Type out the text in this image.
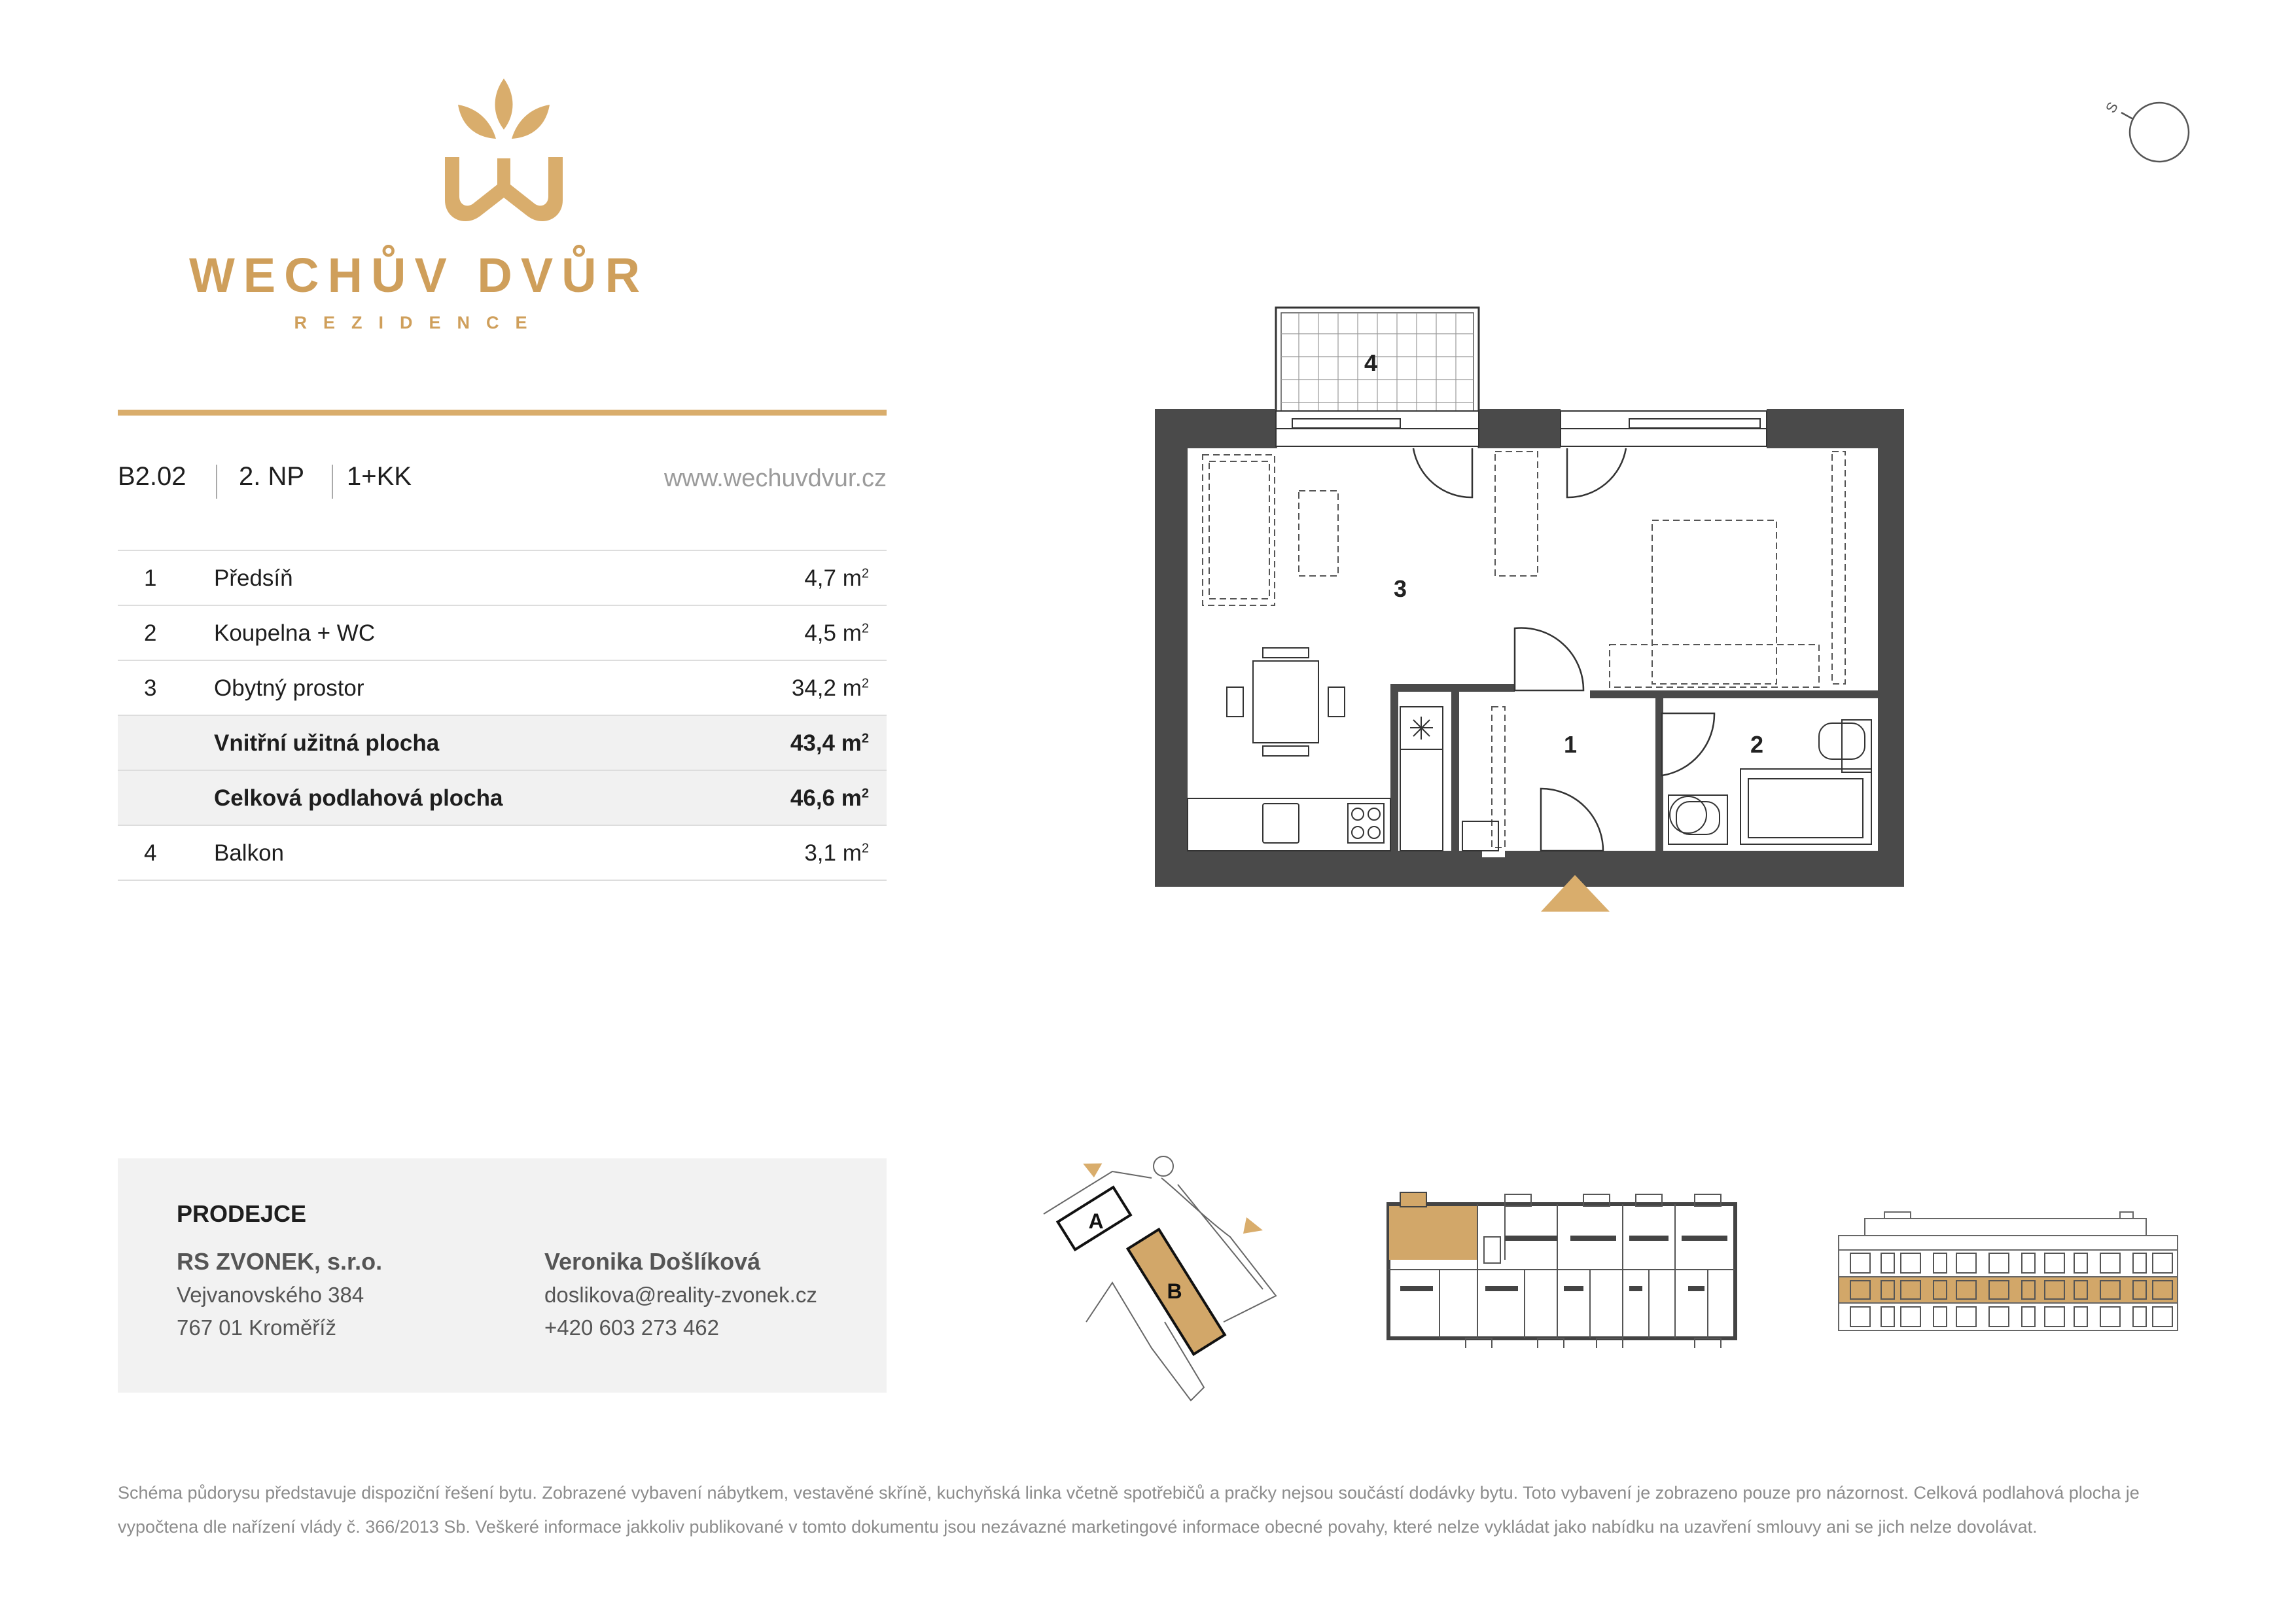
WECHŮV DVŮR
REZIDENCE
B2.02 2. NP 1+KK	www.wechuvdvur.cz
1	Předsíň	4,7 $m^2$
2	Koupelna + WC	4,5 $m^2$
3	Obytný prostor	34,2 $m^2$
Vnitřní užitná plocha	43,4 $m^2$
Celková podlahová plocha	46,6 $m^2$
4	Balkon	3,1 $m^2$
S
4
3
1	2
PRODEJCE
RS ZVONEK, s.r.o.
Vejvanovského 384
767 01 Kroměříž
Veronika Došlíková
doslikova@reality-zvonek.cz
+420 603 273 462
A
B
Schéma půdorysu představuje dispoziční řešení bytu. Zobrazené vybavení nábytkem, vestavěné skříně, kuchyňská linka včetně spotřebičů a pračky nejsou součástí dodávky bytu. Toto vybavení je zobrazeno pouze pro názornost. Celková podlahová plocha je vypočtena dle nařízení vlády č. 366/2013 Sb. Veškeré informace jakkoliv publikované v tomto dokumentu jsou nezávazné marketingové informace obecné povahy, které nelze vykládat jako nabídku na uzavření smlouvy ani se jich nelze dovolávat.
